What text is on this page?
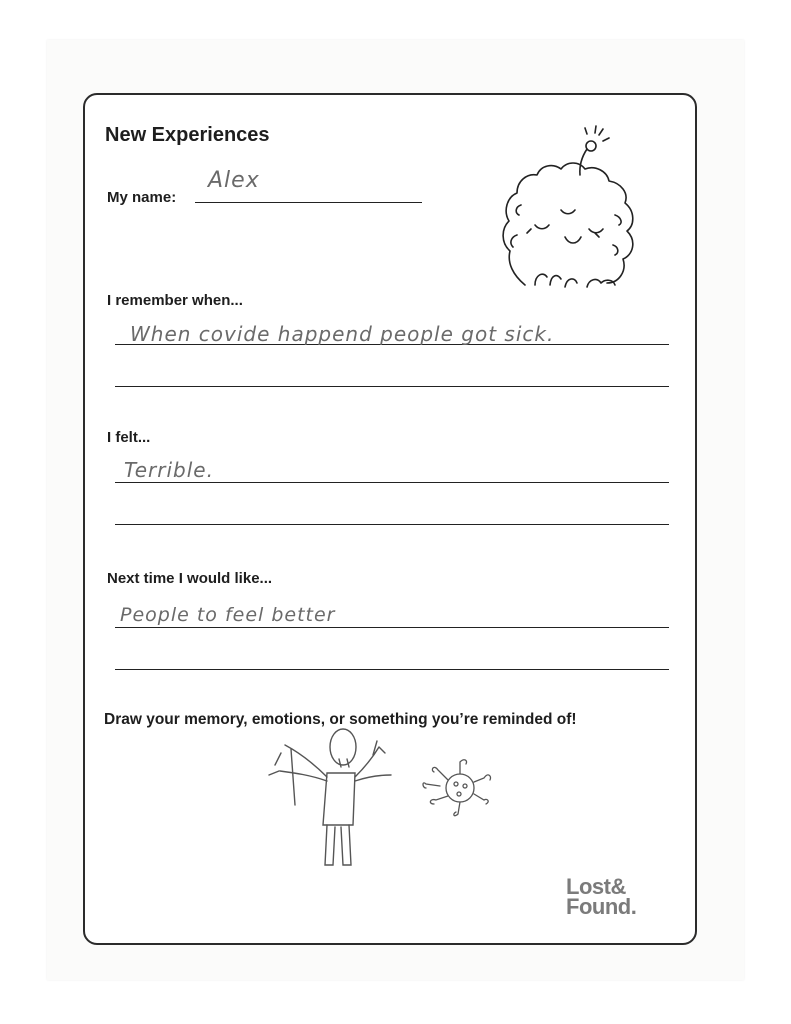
New Experiences
My name:
Alex
I remember when...
When covide happend people got sick.
I felt...
Terrible.
Next time I would like...
People to feel better
Draw your memory, emotions, or something you’re reminded of!
Lost&
Found.
